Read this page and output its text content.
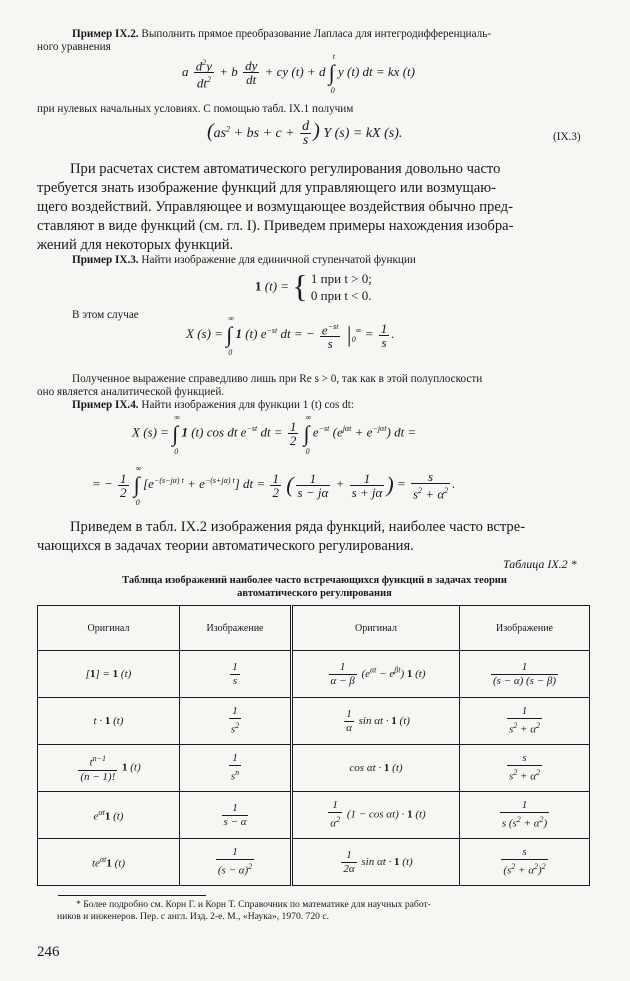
Пример IX.2. Выполнить прямое преобразование Лапласа для интегродифференциаль-
ного уравнения
a $\frac{d^2y}{dt^2} + b \frac{dy}{dt}$ + cy (t) + d ∫
t
0
y (t) dt = kx (t)
при нулевых начальных условиях. С помощью табл. IX.1 получим
($as^2$ + bs + $c + \frac{d}{s}$ ) Y (s) = kX (s).	(IX.3)
При расчетах систем автоматического регулирования довольно часто
требуется знать изображение функций для управляющего или возмущаю-
щего воздействий. Управляющее и возмущающее воздействия обычно пред-
ставляют в виде функций (см. гл. I). Приведем примеры нахождения изобра-
жений для некоторых функций.
Пример IX.3. Найти изображение для единичной ступенчатой функции
1 (t) = { 1 при t > 0;
0 при t < 0.
В этом случае
X (s) = ∫
∞
0
1 (t) $e^{-st}$ dt = − $\frac{e^{-st}}{s} |_0^\infty = \frac{1}{s}$ .
Полученное выражение справедливо лишь при Re s > 0, так как в этой полуплоскости
оно является аналитической функцией.
Пример IX.4. Найти изображения для функции 1 (t) cos dt:
X (s) = ∫
∞
0
1 (t) cos dt $e^{-st}$ dt = $\frac{1}{2}$ ∫
∞
0
$e^{-st}$ $(e^{j\alpha t} + e^{-j\alpha t})$ dt =
= − $\frac{1}{2}$ ∫
∞
0
$[e^{-(s-j\alpha) t} + e^{-(s+j\alpha) t}]$ dt = $\frac{1}{2}$ ( $\frac{1}{s - j\alpha} + \frac{1}{s + j\alpha}$ ) = $\frac{s}{s^2 + \alpha^2}$ .
Приведем в табл. IX.2 изображения ряда функций, наиболее часто встре-
чающихся в задачах теории автоматического регулирования.
Таблица IX.2 *
Таблица изображений наиболее часто встречающихся функций в задачах теории
автоматического регулирования
Оригинал	Изображение	Оригинал	Изображение
[1] = 1 (t)	$\frac{1}{s}$	$\frac{1}{\alpha - \beta} (e^{\alpha t} - e^{\beta t})$ 1 (t)	$\frac{1}{(s - \alpha) (s - \beta)}$

t · 1 (t)	$\frac{1}{s^2}$	$\frac{1}{\alpha}$ sin αt · 1 (t)	$\frac{1}{s^2 + \alpha^2}$

$\frac{t^{n-1}}{(n - 1)!} 1$ (t)	$\frac{1}{s^n}$	cos αt · 1 (t)	$\frac{s}{s^2 + \alpha^2}$

$e^{\alpha t}1$ (t)	$\frac{1}{s - \alpha}$	$\frac{1}{\alpha^2} (1 - \cos \alpha t) \cdot 1$ (t)	$\frac{1}{s (s^2 + \alpha^2)}$

$te^{\alpha t}1$ (t)	$\frac{1}{(s - \alpha)^2}$	$\frac{1}{2\alpha}$ sin αt · 1 (t)	$\frac{s}{(s^2 + \alpha^2)^2}$
* Более подробно см. Корн Г. и Корн Т. Справочник по математике для научных работ-
ников и инженеров. Пер. с англ. Изд. 2-е. М., «Наука», 1970. 720 с.
246
